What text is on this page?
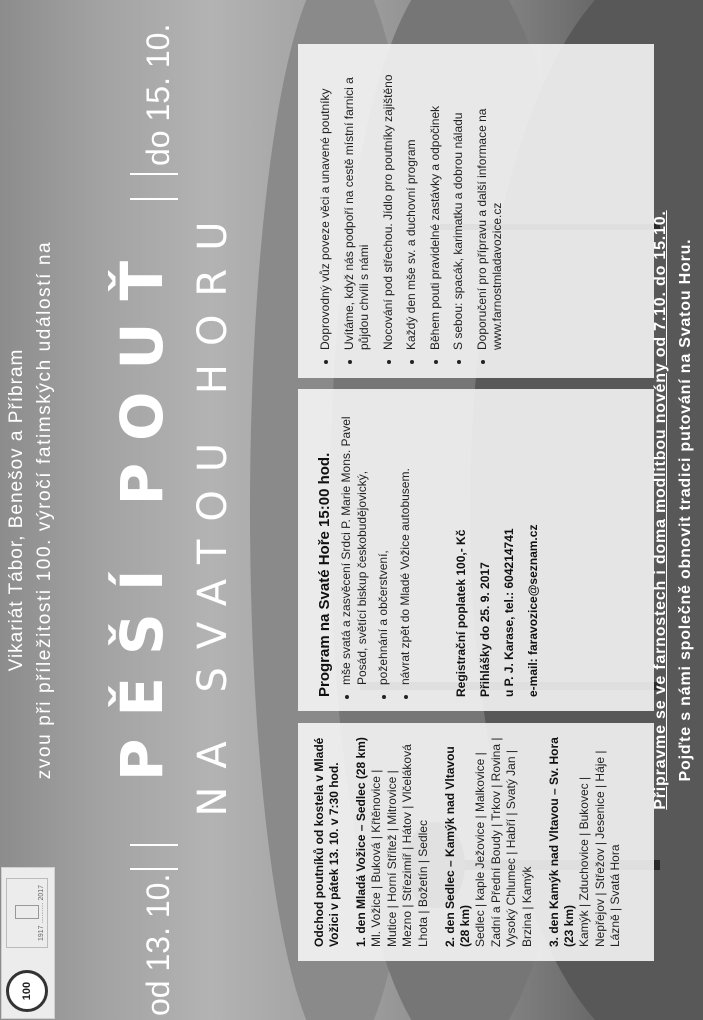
100
1917 ……… 2017
Vikariát Tábor, Benešov a Příbram zvou při příležitosti 100. výročí fatimských událostí na
od 13. 10.
PĚŠÍ POUŤ NA SVATOU HORU
do 15. 10.
Odchod poutníků od kostela v Mladé Vožici v pátek 13. 10. v 7:30 hod. 1. den Mladá Vožice – Sedlec (28 km) Ml. Vožice | Buková | Křtěnovice | Mutice | Horní Střítež | Mitrovice | Mezno | Střezimíř | Hátov | Vlčeláková Lhota | Božetín | Sedlec 2. den Sedlec – Kamýk nad Vltavou (28 km) Sedlec | kaple Ježovice | Malkovice | Zadní a Přední Boudy | Trkov | Rovina | Vysoký Chlumec | Habří | Svatý Jan | Brzina | Kamýk 3. den Kamýk nad Vltavou – Sv. Hora (23 km) Kamýk | Zduchovice | Bukovec | Nepřejov | Střežov | Jesenice | Háje | Lázně | Svatá Hora
Program na Svaté Hoře 15:00 hod. • mše svatá a zasvěcení Srdci P. Marie Mons. Pavel Posád, světící biskup českobudějovický, • požehnání a občerstvení, • návrat zpět do Mladé Vožice autobusem.	Registrační poplatek 100,- Kč Přihlášky do 25. 9. 2017 u P. J. Karase, tel.: 604214741 e-mail: faravozice@seznam.cz
• Doprovodný vůz poveze věci a unavené poutníky • Uvítáme, když nás podpoří na cestě místní farnici a půjdou chvíli s námi • Nocování pod střechou. Jídlo pro poutníky zajištěno • Každý den mše sv. a duchovní program • Během pouti pravidelné zastávky a odpočinek • S sebou: spacák, karimatku a dobrou náladu • Doporučení pro přípravu a další informace na www.farnostmladavozice.cz	Připravme se ve farnostech i doma modlitbou novény od 7.10. do 15.10. Pojďte s námi společně obnovit tradici putování na Svatou Horu.
